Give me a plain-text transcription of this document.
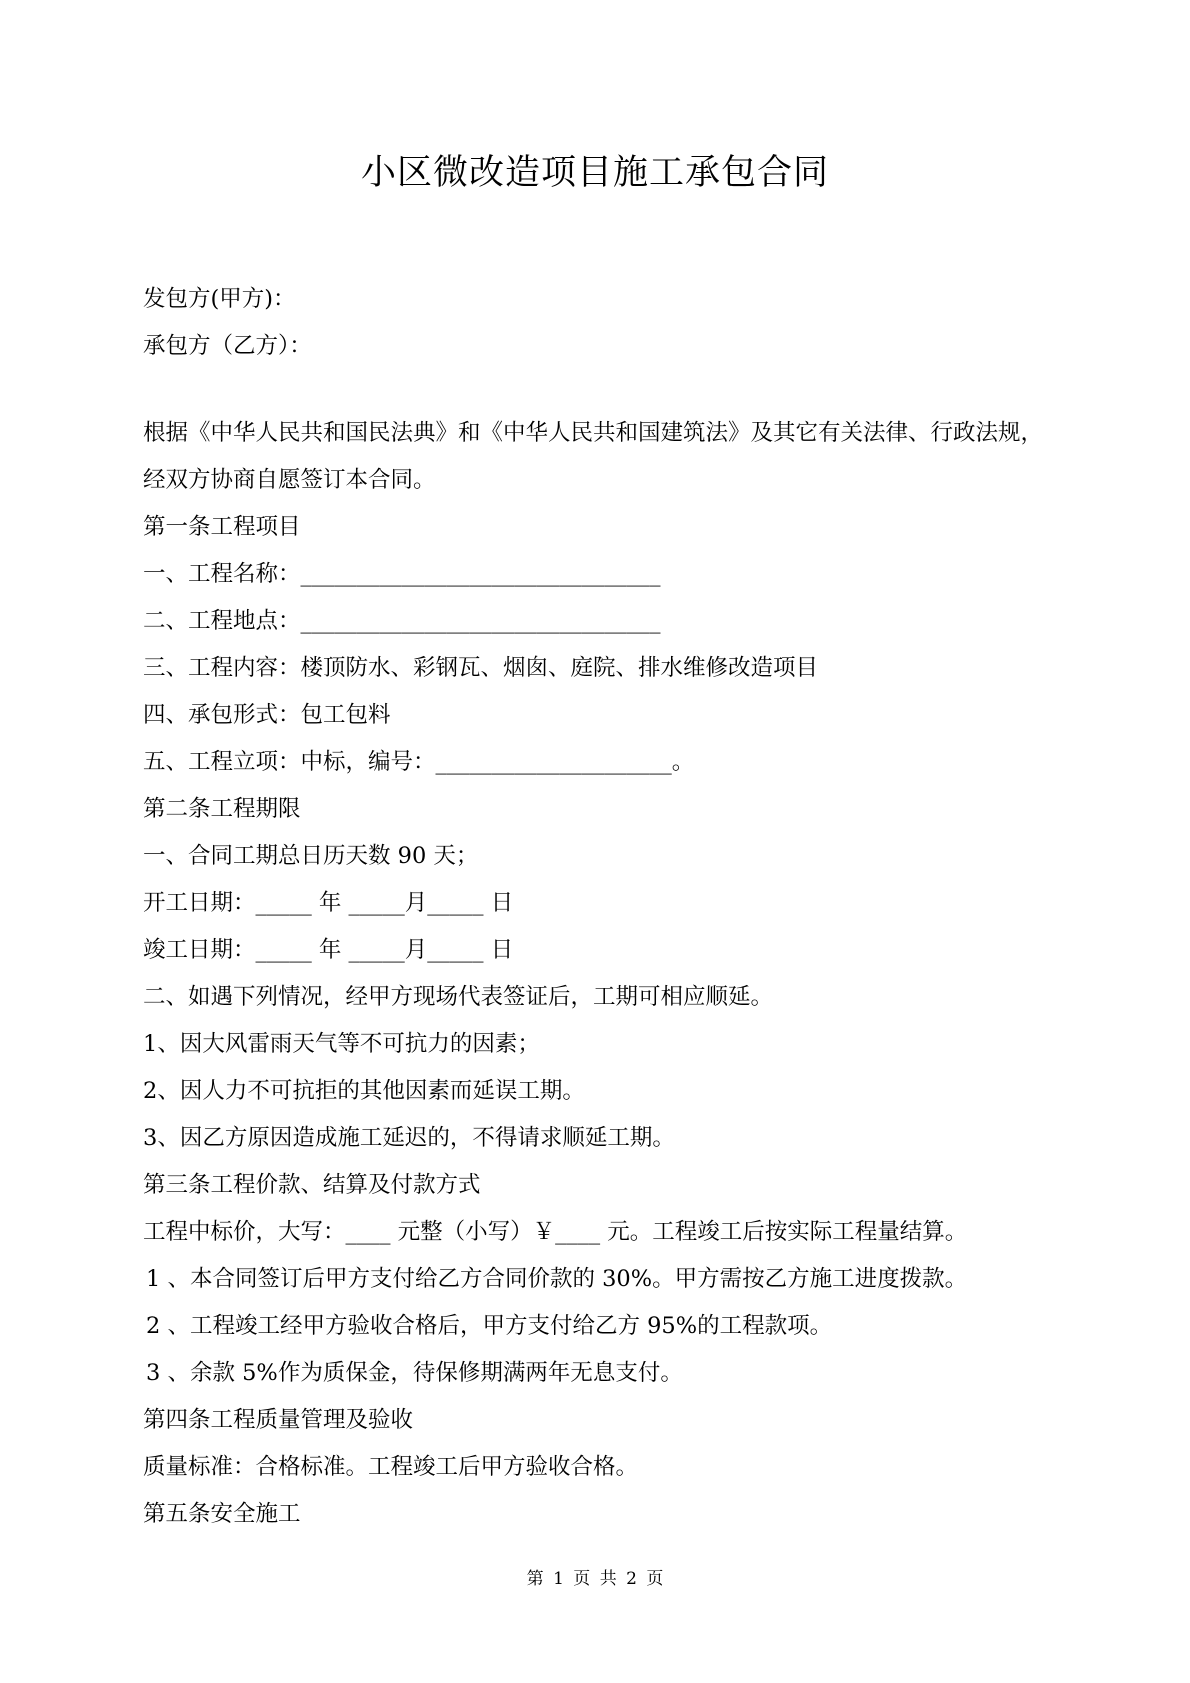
小区微改造项目施工承包合同
发包方(甲方)：
承包方（乙方）：
根据《中华人民共和国民法典》和《中华人民共和国建筑法》及其它有关法律、行政法规，经双方协商自愿签订本合同。
第一条工程项目
一、工程名称：________________________________
二、工程地点：________________________________
三、工程内容：楼顶防水、彩钢瓦、烟囱、庭院、排水维修改造项目
四、承包形式：包工包料
五、工程立项：中标，编号：_____________________。
第二条工程期限
一、合同工期总日历天数 90 天；
开工日期：_____ 年 _____月_____ 日
竣工日期：_____ 年 _____月_____ 日
二、如遇下列情况，经甲方现场代表签证后，工期可相应顺延。
1、因大风雷雨天气等不可抗力的因素；
2、因人力不可抗拒的其他因素而延误工期。
3、因乙方原因造成施工延迟的，不得请求顺延工期。
第三条工程价款、结算及付款方式
工程中标价，大写：____ 元整（小写）￥____ 元。工程竣工后按实际工程量结算。
1 、本合同签订后甲方支付给乙方合同价款的 30%。甲方需按乙方施工进度拨款。
2 、工程竣工经甲方验收合格后，甲方支付给乙方 95%的工程款项。
3 、余款 5%作为质保金，待保修期满两年无息支付。
第四条工程质量管理及验收
质量标准：合格标准。工程竣工后甲方验收合格。
第五条安全施工
第 1 页 共 2 页
